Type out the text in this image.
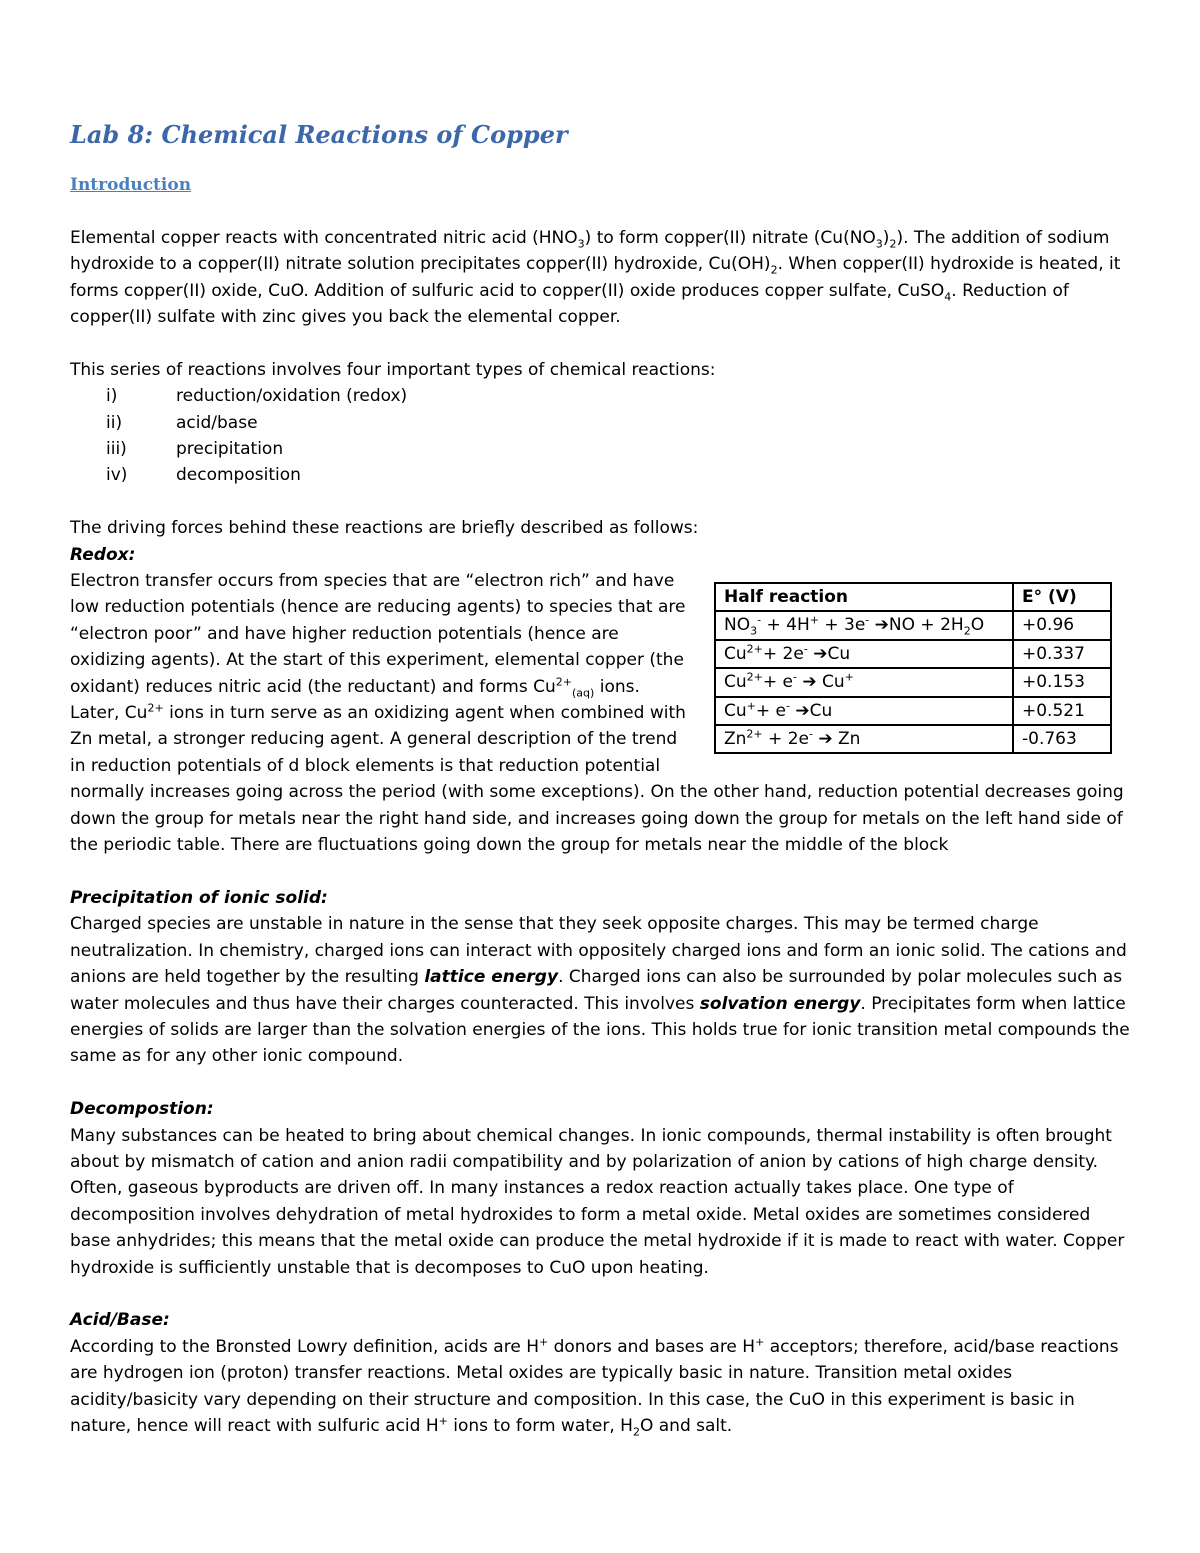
Lab 8: Chemical Reactions of Copper
Introduction

Elemental copper reacts with concentrated nitric acid $(HNO_3)$ to form copper(II) nitrate $(Cu(NO_3)_2)$. The addition of sodium hydroxide to a copper(II) nitrate solution precipitates copper(II) hydroxide, $Cu(OH)_2$. When copper(II) hydroxide is heated, it forms copper(II) oxide, CuO. Addition of sulfuric acid to copper(II) oxide produces copper sulfate, CuSO$_4$. Reduction of copper(II) sulfate with zinc gives you back the elemental copper.

This series of reactions involves four important types of chemical reactions:

i)	reduction/oxidation (redox)
ii)	acid/base
iii)	precipitation
iv)	decomposition

The driving forces behind these reactions are briefly described as follows:

Redox:

Half reaction	E° (V)
$NO_3^- + 4H^+ + 3e^-$ ➔NO + $2H_2O$	+0.96
$Cu^{2+}+ 2e^-$ ➔Cu	+0.337
$Cu^{2+}+ e^-$ ➔ Cu+	+0.153
Cu++ e- ➔Cu	+0.521
$Zn^{2+} + 2e^-$ ➔ Zn	-0.763

Electron transfer occurs from species that are “electron rich” and have low reduction potentials (hence are reducing agents) to species that are “electron poor” and have higher reduction potentials (hence are oxidizing agents). At the start of this experiment, elemental copper (the oxidant) reduces nitric acid (the reductant) and forms $Cu^{2+}_{(aq)}$ ions. Later, $Cu^{2+}$ ions in turn serve as an oxidizing agent when combined with Zn metal, a stronger reducing agent. A general description of the trend in reduction potentials of d block elements is that reduction potential normally increases going across the period (with some exceptions). On the other hand, reduction potential decreases going down the group for metals near the right hand side, and increases going down the group for metals on the left hand side of the periodic table. There are fluctuations going down the group for metals near the middle of the block

Precipitation of ionic solid:

Charged species are unstable in nature in the sense that they seek opposite charges. This may be termed charge neutralization. In chemistry, charged ions can interact with oppositely charged ions and form an ionic solid. The cations and anions are held together by the resulting lattice energy. Charged ions can also be surrounded by polar molecules such as water molecules and thus have their charges counteracted. This involves solvation energy. Precipitates form when lattice energies of solids are larger than the solvation energies of the ions. This holds true for ionic transition metal compounds the same as for any other ionic compound.

Decompostion:

Many substances can be heated to bring about chemical changes. In ionic compounds, thermal instability is often brought about by mismatch of cation and anion radii compatibility and by polarization of anion by cations of high charge density. Often, gaseous byproducts are driven off. In many instances a redox reaction actually takes place. One type of decomposition involves dehydration of metal hydroxides to form a metal oxide. Metal oxides are sometimes considered base anhydrides; this means that the metal oxide can produce the metal hydroxide if it is made to react with water. Copper hydroxide is sufficiently unstable that is decomposes to CuO upon heating.

Acid/Base:

According to the Bronsted Lowry definition, acids are H+ donors and bases are H+ acceptors; therefore, acid/base reactions are hydrogen ion (proton) transfer reactions. Metal oxides are typically basic in nature. Transition metal oxides acidity/basicity vary depending on their structure and composition. In this case, the CuO in this experiment is basic in nature, hence will react with sulfuric acid H+ ions to form water, $H_2O$ and salt.
